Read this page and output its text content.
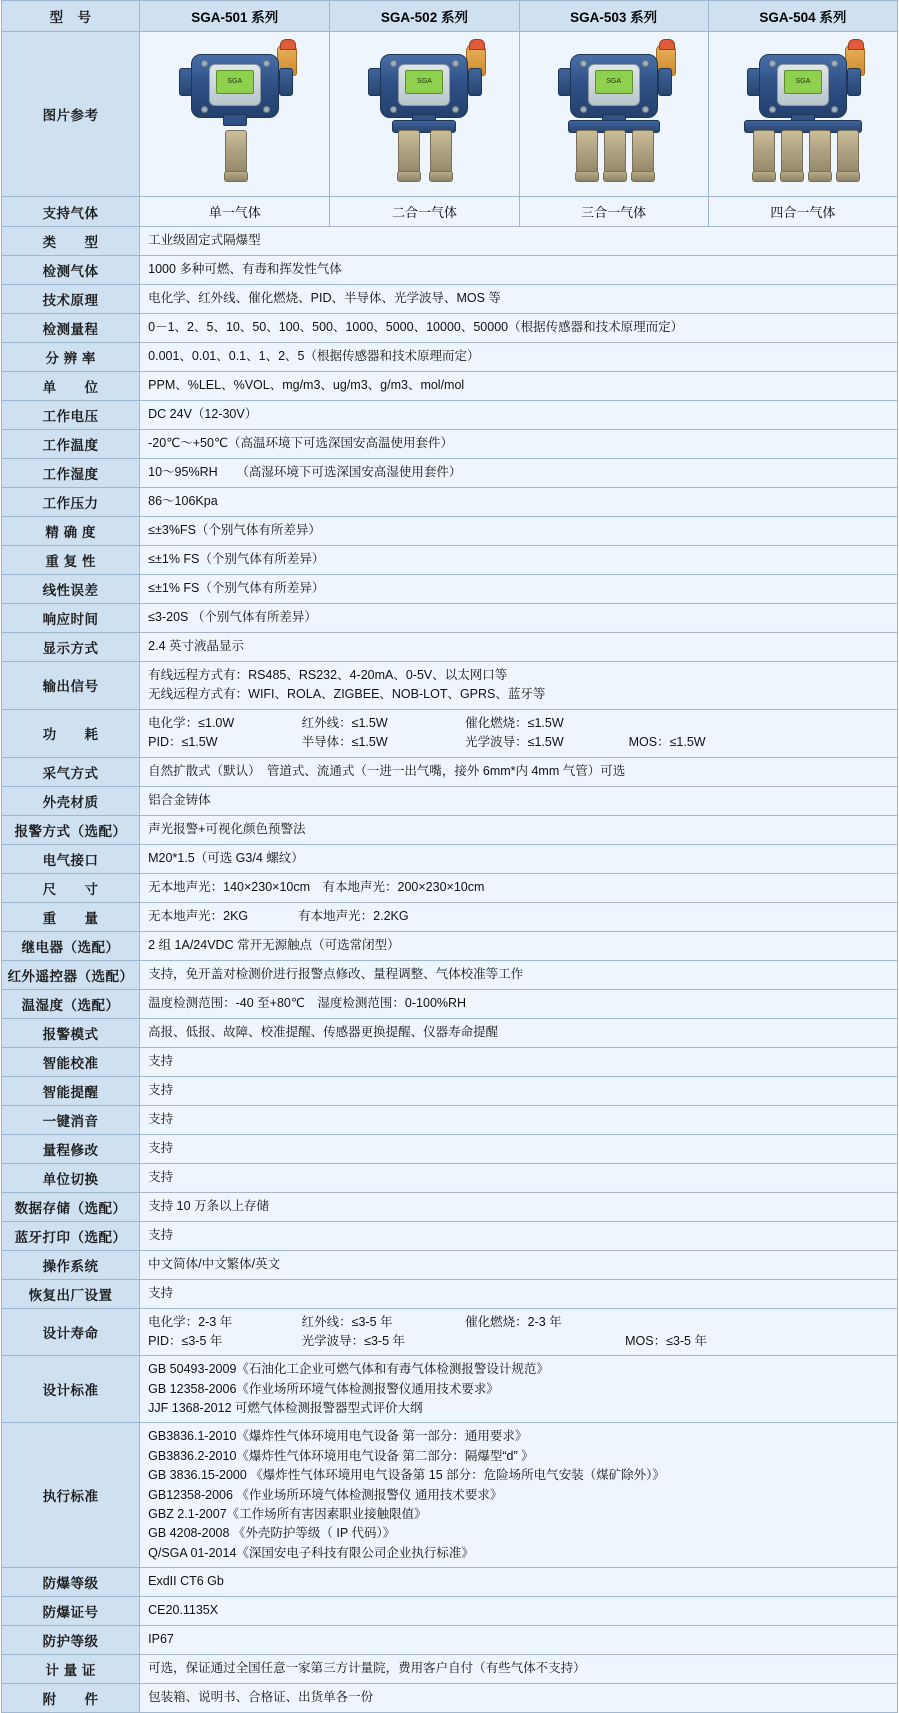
型　号	SGA-501 系列	SGA-502 系列	SGA-503 系列	SGA-504 系列
图片参考	SGA	SGA	SGA	SGA

支持气体	单一气体	二合一气体	三合一气体	四合一气体
类　　型	工业级固定式隔爆型			
检测气体	1000 多种可燃、有毒和挥发性气体			
技术原理	电化学、红外线、催化燃烧、PID、半导体、光学波导、MOS 等			
检测量程	0－1、2、5、10、50、100、500、1000、5000、10000、50000（根据传感器和技术原理而定）			
分 辨 率	0.001、0.01、0.1、1、2、5（根据传感器和技术原理而定）			
单　　位	PPM、%LEL、%VOL、mg/m3、ug/m3、g/m3、mol/mol			
工作电压	DC 24V（12-30V）			
工作温度	-20℃～+50℃（高温环境下可选深国安高温使用套件）			
工作湿度	10～95%RH　　（高湿环境下可选深国安高湿使用套件）			
工作压力	86～106Kpa			
精 确 度	≤±3%FS（个别气体有所差异）			
重 复 性	≤±1% FS（个别气体有所差异）			
线性误差	≤±1% FS（个别气体有所差异）			
响应时间	≤3-20S （个别气体有所差异）			
显示方式	2.4 英寸液晶显示			
输出信号	有线远程方式有：RS485、RS232、4-20mA、0-5V、以太网口等
无线远程方式有：WIFI、ROLA、ZIGBEE、NOB-LOT、GPRS、蓝牙等			

功　　耗	电化学：≤1.0W 红外线：≤1.5W 催化燃烧：≤1.5W
PID：≤1.5W 半导体：≤1.5W 光学波导：≤1.5W MOS：≤1.5W			

采气方式	自然扩散式（默认）　管道式、流通式（一进一出气嘴，接外 6mm*内 4mm 气管）可选			
外壳材质	铝合金铸体			
报警方式（选配）	声光报警+可视化颜色预警法			
电气接口	M20*1.5（可选 G3/4 螺纹）			
尺　　寸	无本地声光：140×230×10cm　有本地声光：200×230×10cm			
重　　量	无本地声光：2KG　　　　有本地声光：2.2KG			
继电器（选配）	2 组 1A/24VDC 常开无源触点（可选常闭型）			
红外遥控器（选配）	支持，免开盖对检测价进行报警点修改、量程调整、气体校准等工作			
温湿度（选配）	温度检测范围：-40 至+80℃　湿度检测范围：0-100%RH			
报警模式	高报、低报、故障、校准提醒、传感器更换提醒、仪器寿命提醒			
智能校准	支持			
智能提醒	支持			
一键消音	支持			
量程修改	支持			
单位切换	支持			
数据存储（选配）	支持 10 万条以上存储			
蓝牙打印（选配）	支持			
操作系统	中文简体/中文繁体/英文			
恢复出厂设置	支持			
设计寿命	电化学：2-3 年 红外线：≤3-5 年 催化燃烧：2-3 年
PID：≤3-5 年 光学波导：≤3-5 年 MOS：≤3-5 年			

设计标准	GB 50493-2009《石油化工企业可燃气体和有毒气体检测报警设计规范》
GB 12358-2006《作业场所环境气体检测报警仪通用技术要求》
JJF 1368-2012 可燃气体检测报警器型式评价大纲			

执行标准	
GB3836.1-2010《爆炸性气体环境用电气设备 第一部分：通用要求》
GB3836.2-2010《爆炸性气体环境用电气设备 第二部分：隔爆型“d” 》
GB 3836.15-2000 《爆炸性气体环境用电气设备第 15 部分：危险场所电气安装（煤矿除外）》
GB12358-2006 《作业场所环境气体检测报警仪 通用技术要求》
GBZ 2.1-2007《工作场所有害因素职业接触限值》
GB 4208-2008 《外壳防护等级（ IP 代码）》
Q/SGA 01-2014《深国安电子科技有限公司企业执行标准》

防爆等级	ExdII CT6 Gb			
防爆证号	CE20.1135X			
防护等级	IP67			
计 量 证	可选，保证通过全国任意一家第三方计量院，费用客户自付（有些气体不支持）			
附　　件	包装箱、说明书、合格证、出货单各一份			
